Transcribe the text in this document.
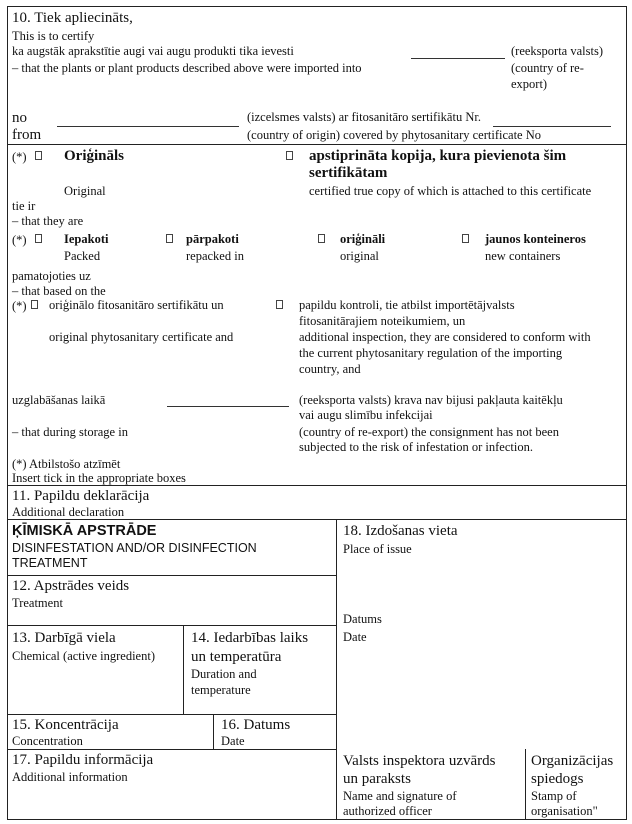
10. Tiek apliecināts,
This is to certify
ka augstāk aprakstītie augi vai augu produkti tika ievesti
– that the plants or plant products described above were imported into
(reeksporta valsts)
(country of re-
export)
no
from
(izcelsmes valsts) ar fitosanitāro sertifikātu Nr.
(country of origin) covered by phytosanitary certificate No
(*) Oriģināls
Original
apstiprināta kopija, kura pievienota šim
sertifikātam
certified true copy of which is attached to this certificate
tie ir
– that they are
(*)	Iepakoti
Packed
pārpakoti
repacked in
oriģināli
original
jaunos konteineros
new containers
pamatojoties uz
– that based on the
(*) oriģinālo fitosanitāro sertifikātu un
original phytosanitary certificate and
papildu kontroli, tie atbilst importētājvalsts
fitosanitārajiem noteikumiem, un
additional inspection, they are considered to conform with
the current phytosanitary regulation of the importing
country, and
uzglabāšanas laikā	(reeksporta valsts) krava nav bijusi pakļauta kaitēkļu
vai augu slimību infekcijai
– that during storage in	(country of re-export) the consignment has not been
subjected to the risk of infestation or infection.
(*) Atbilstošo atzīmēt
Insert tick in the appropriate boxes
11. Papildu deklarācija
Additional declaration
ĶĪMISKĀ APSTRĀDE
DISINFESTATION AND/OR DISINFECTION
TREATMENT
12. Apstrādes veids
Treatment
13. Darbīgā viela
Chemical (active ingredient)
14. Iedarbības laiks
un temperatūra
Duration and
temperature
15. Koncentrācija
Concentration
16. Datums
Date
17. Papildu informācija
Additional information
18. Izdošanas vieta
Place of issue
Datums
Date
Valsts inspektora uzvārds
un paraksts
Name and signature of
authorized officer
Organizācijas
spiedogs
Stamp of
organisation"
